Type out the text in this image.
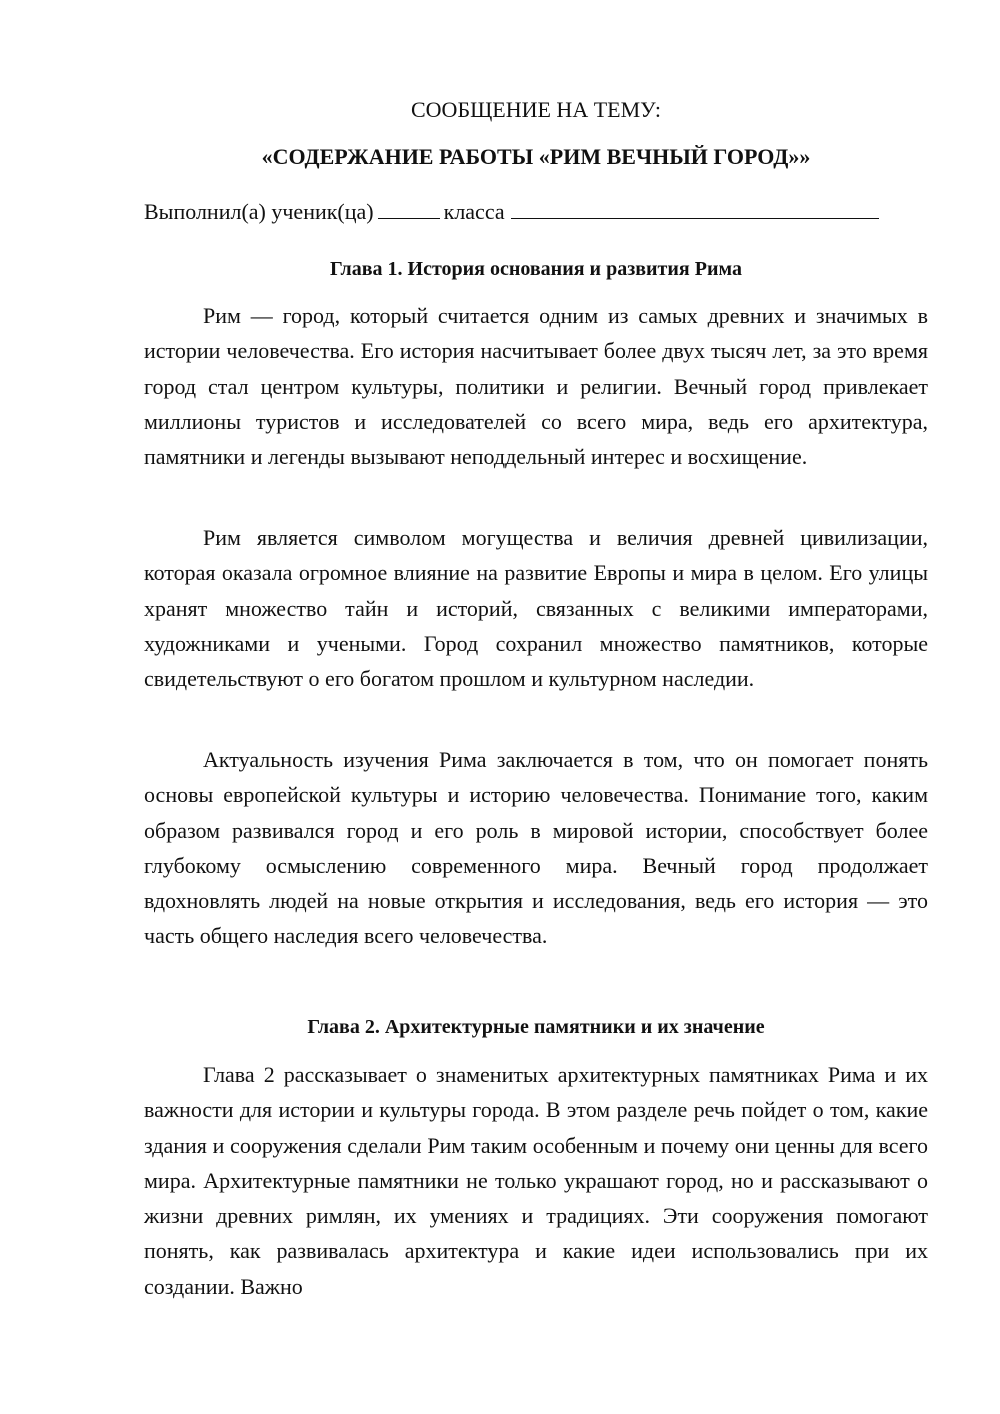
СООБЩЕНИЕ НА ТЕМУ:
«СОДЕРЖАНИЕ РАБОТЫ «РИМ ВЕЧНЫЙ ГОРОД»»
Выполнил(а) ученик(ца)	класса
Глава 1. История основания и развития Рима

Рим — город, который считается одним из самых древних и значимых в истории человечества. Его история насчитывает более двух тысяч лет, за это время город стал центром культуры, политики и религии. Вечный город привлекает миллионы туристов и исследователей со всего мира, ведь его архитектура, памятники и легенды вызывают неподдельный интерес и восхищение.

Рим является символом могущества и величия древней цивилизации, которая оказала огромное влияние на развитие Европы и мира в целом. Его улицы хранят множество тайн и историй, связанных с великими императорами, художниками и учеными. Город сохранил множество памятников, которые свидетельствуют о его богатом прошлом и культурном наследии.

Актуальность изучения Рима заключается в том, что он помогает понять основы европейской культуры и историю человечества. Понимание того, каким образом развивался город и его роль в мировой истории, способствует более глубокому осмыслению современного мира. Вечный город продолжает вдохновлять людей на новые открытия и исследования, ведь его история — это часть общего наследия всего человечества.

Глава 2. Архитектурные памятники и их значение

Глава 2 рассказывает о знаменитых архитектурных памятниках Рима и их важности для истории и культуры города. В этом разделе речь пойдет о том, какие здания и сооружения сделали Рим таким особенным и почему они ценны для всего мира. Архитектурные памятники не только украшают город, но и рассказывают о жизни древних римлян, их умениях и традициях. Эти сооружения помогают понять, как развивалась архитектура и какие идеи использовались при их создании. Важно
